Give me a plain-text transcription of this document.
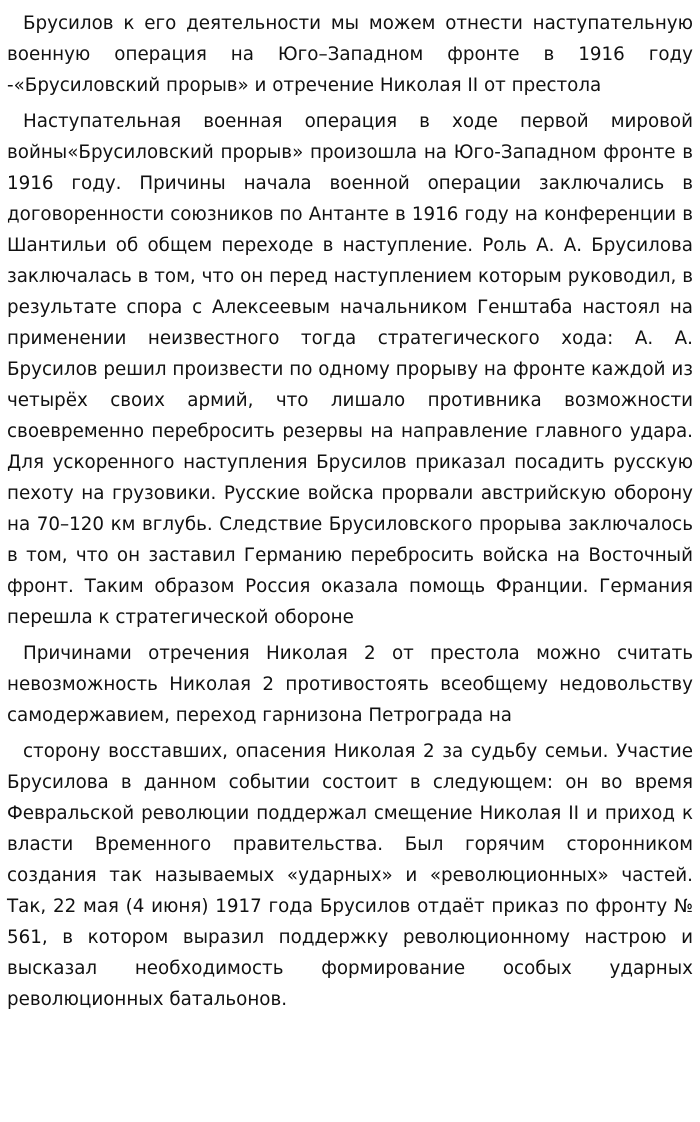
Брусилов к его деятельности мы можем отнести наступательную военную операция на Юго–Западном фронте в 1916 году -«Брусиловский прорыв» и отречение Николая II от престола

Наступательная военная операция в ходе первой мировой войны«Брусиловский прорыв» произошла на Юго-Западном фронте в 1916 году. Причины начала военной операции заключались в договоренности союзников по Антанте в 1916 году на конференции в Шантильи об общем переходе в наступление. Роль А. А. Брусилова заключалась в том, что он перед наступлением которым руководил, в результате спора с Алексеевым начальником Генштаба настоял на применении неизвестного тогда стратегического хода: А. А. Брусилов решил произвести по одному прорыву на фронте каждой из четырёх своих армий, что лишало противника возможности своевременно перебросить резервы на направление главного удара. Для ускоренного наступления Брусилов приказал посадить русскую пехоту на грузовики. Русские войска прорвали австрийскую оборону на 70–120 км вглубь. Следствие Брусиловского прорыва заключалось в том, что он заставил Германию перебросить войска на Восточный фронт. Таким образом Россия оказала помощь Франции. Германия перешла к стратегической обороне

Причинами отречения Николая 2 от престола можно считать невозможность Николая 2 противостоять всеобщему недовольству самодержавием, переход гарнизона Петрограда на

сторону восставших, опасения Николая 2 за судьбу семьи. Участие Брусилова в данном событии состоит в следующем: он во время Февральской революции поддержал смещение Николая II и приход к власти Временного правительства. Был горячим сторонником создания так называемых «ударных» и «революционных» частей. Так, 22 мая (4 июня) 1917 года Брусилов отдаёт приказ по фронту № 561, в котором выразил поддержку революционному настрою и высказал необходимость формирование особых ударных революционных батальонов.
